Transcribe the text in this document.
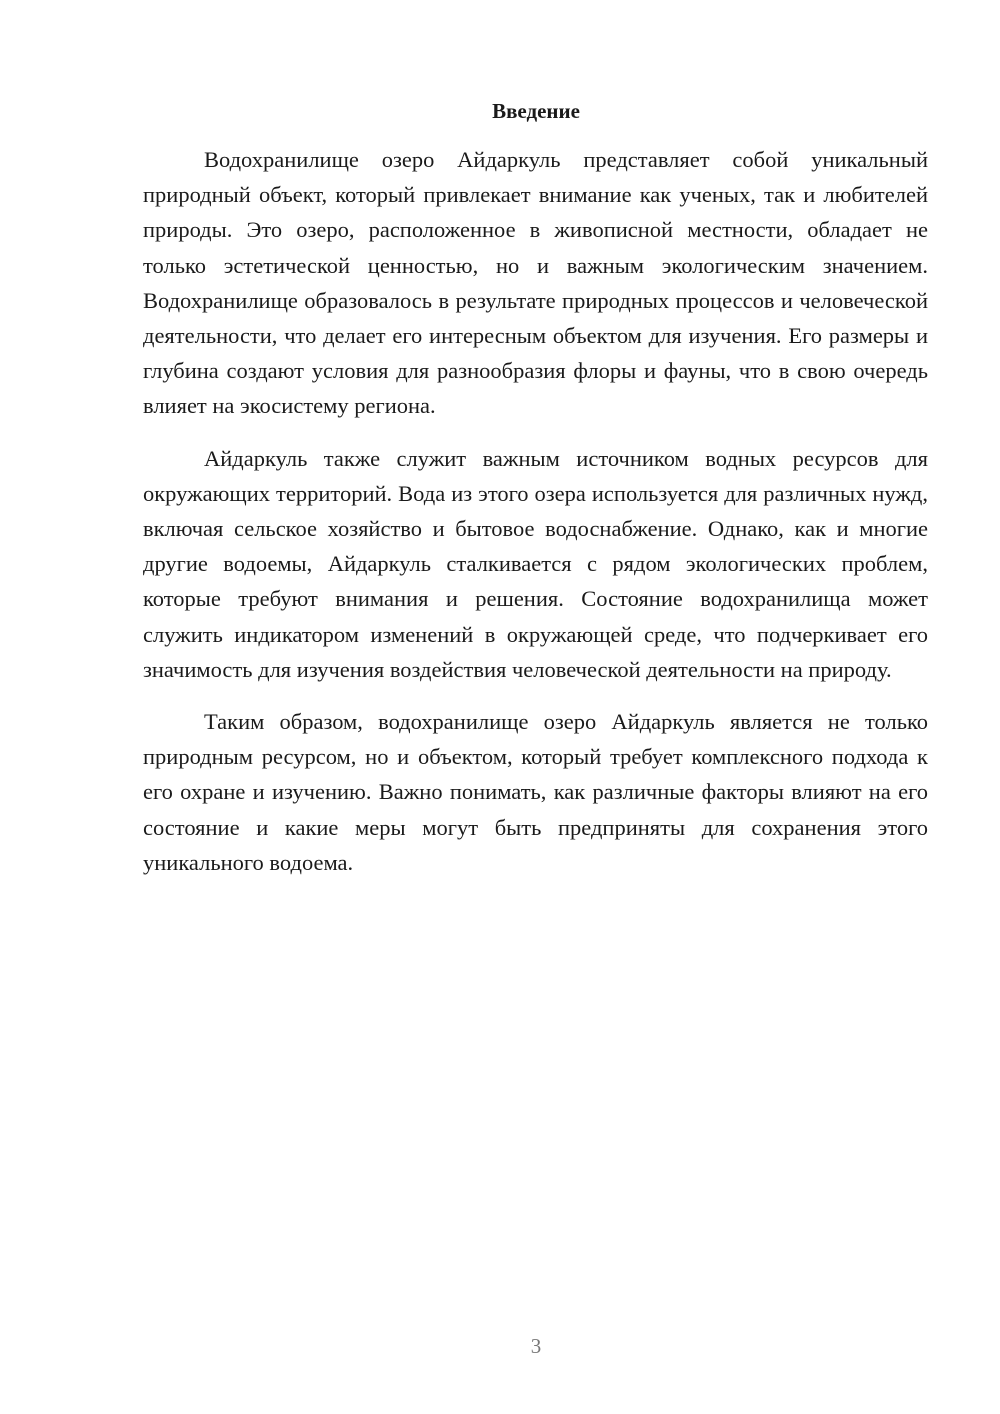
Введение

Водохранилище озеро Айдаркуль представляет собой уникальный природный объект, который привлекает внимание как ученых, так и любителей природы. Это озеро, расположенное в живописной местности, обладает не только эстетической ценностью, но и важным экологическим значением. Водохранилище образовалось в результате природных процессов и человеческой деятельности, что делает его интересным объектом для изучения. Его размеры и глубина создают условия для разнообразия флоры и фауны, что в свою очередь влияет на экосистему региона.

Айдаркуль также служит важным источником водных ресурсов для окружающих территорий. Вода из этого озера используется для различных нужд, включая сельское хозяйство и бытовое водоснабжение. Однако, как и многие другие водоемы, Айдаркуль сталкивается с рядом экологических проблем, которые требуют внимания и решения. Состояние водохранилища может служить индикатором изменений в окружающей среде, что подчеркивает его значимость для изучения воздействия человеческой деятельности на природу.

Таким образом, водохранилище озеро Айдаркуль является не только природным ресурсом, но и объектом, который требует комплексного подхода к его охране и изучению. Важно понимать, как различные факторы влияют на его состояние и какие меры могут быть предприняты для сохранения этого уникального водоема.

3
